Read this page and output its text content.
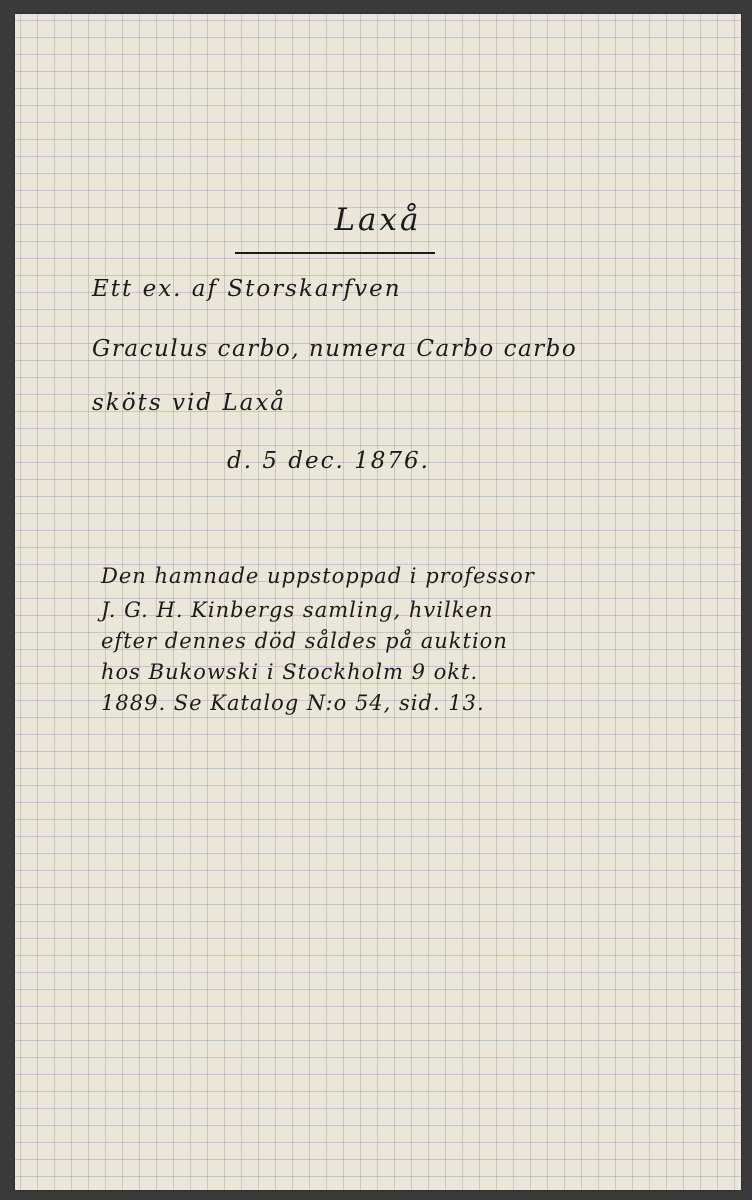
Laxå
Ett ex. af Storskarfven
Graculus carbo, numera Carbo carbo
sköts vid Laxå
d. 5 dec. 1876.
Den hamnade uppstoppad i professor
J. G. H. Kinbergs samling, hvilken
efter dennes död såldes på auktion
hos Bukowski i Stockholm 9 okt.
1889. Se Katalog N:o 54, sid. 13.
